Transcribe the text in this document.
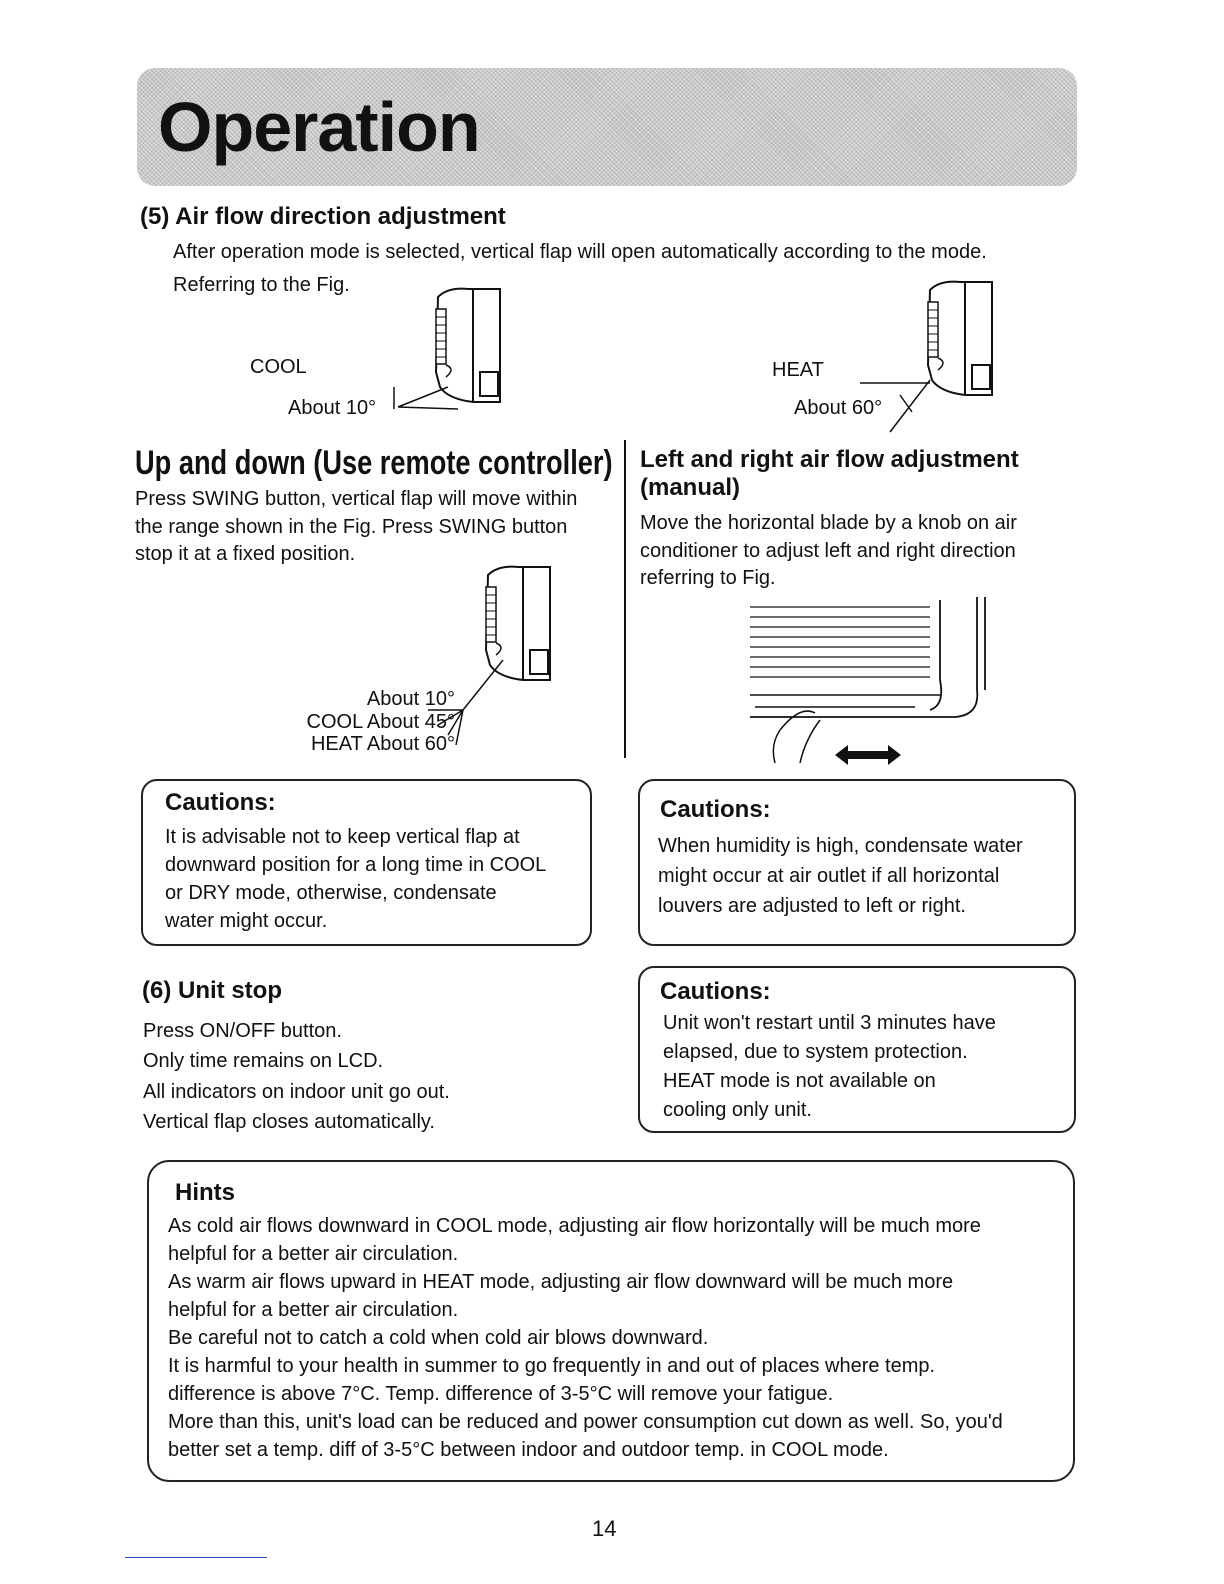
Operation
(5) Air flow direction adjustment
After operation mode is selected, vertical flap will open automatically according to the mode.
Referring to the Fig.
COOL
About 10°
HEAT
About 60°
Up and down (Use remote controller)
Press SWING button, vertical flap will move within
the range shown in the Fig. Press SWING button
stop it at a fixed position.
About 10°
COOL About 45°
HEAT About 60°
Left and right air flow adjustment
(manual)
Move the horizontal blade by a knob on air
conditioner to adjust left and right direction
referring to Fig.
Cautions:
It is advisable not to keep vertical flap at
downward position for a long time in COOL
or DRY mode, otherwise, condensate
water might occur.
Cautions:
When humidity is high, condensate water
might occur at air outlet if all horizontal
louvers are adjusted to left or right.
(6) Unit stop
Press ON/OFF button.
Only time remains on LCD.
All indicators on indoor unit go out.
Vertical flap closes automatically.
Cautions:
Unit won't restart until 3 minutes have
elapsed, due to system protection.
HEAT mode is not available on
cooling only unit.
Hints
As cold air flows downward in COOL mode, adjusting air flow horizontally will be much more
helpful for a better air circulation.
As warm air flows upward in HEAT mode, adjusting air flow downward will be much more
helpful for a better air circulation.
Be careful not to catch a cold when cold air blows downward.
It is harmful to your health in summer to go frequently in and out of places where temp.
difference is above 7°C. Temp. difference of 3-5°C will remove your fatigue.
More than this, unit's load can be reduced and power consumption cut down as well. So, you'd
better set a temp. diff of 3-5°C between indoor and outdoor temp. in COOL mode.
14
